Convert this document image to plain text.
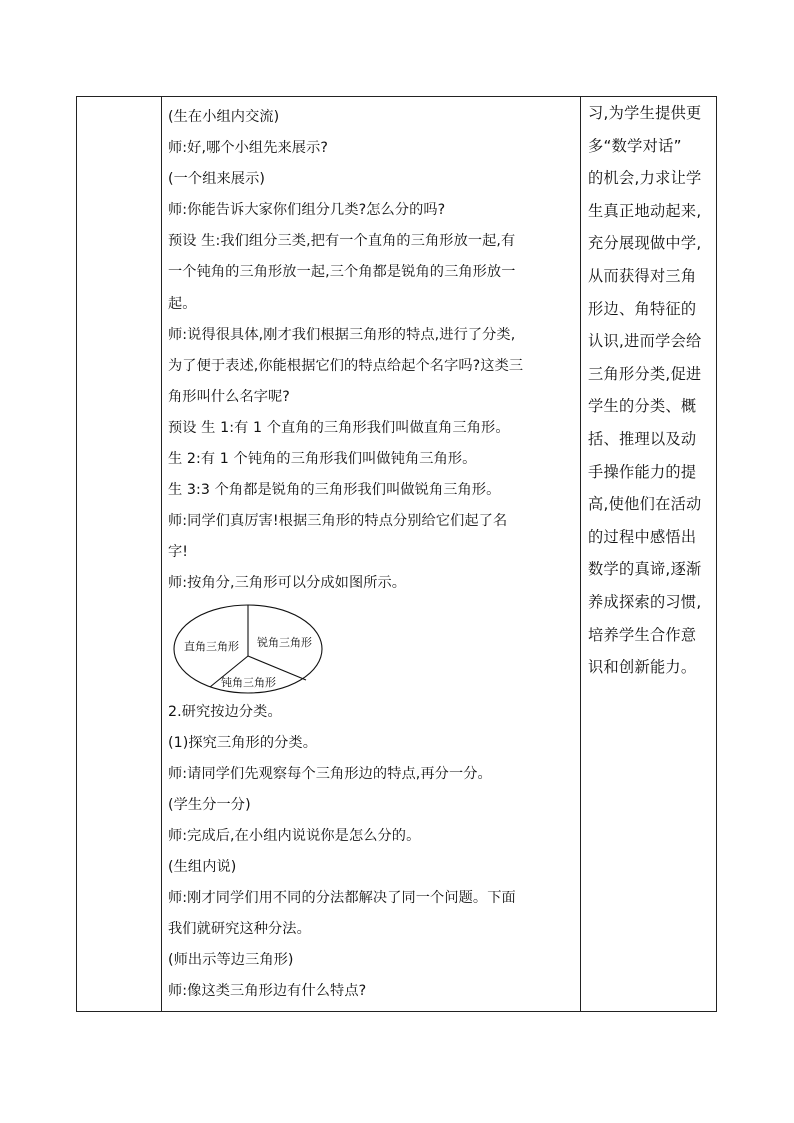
(生在小组内交流)
师:好,哪个小组先来展示?
(一个组来展示)
师:你能告诉大家你们组分几类?怎么分的吗?
预设 生:我们组分三类,把有一个直角的三角形放一起,有
一个钝角的三角形放一起,三个角都是锐角的三角形放一
起。
师:说得很具体,刚才我们根据三角形的特点,进行了分类,
为了便于表述,你能根据它们的特点给起个名字吗?这类三
角形叫什么名字呢?
预设 生 1:有 1 个直角的三角形我们叫做直角三角形。
生 2:有 1 个钝角的三角形我们叫做钝角三角形。
生 3:3 个角都是锐角的三角形我们叫做锐角三角形。
师:同学们真厉害!根据三角形的特点分别给它们起了名
字!
师:按角分,三角形可以分成如图所示。
直角三角形 锐角三角形
钝角三角形
2.研究按边分类。
(1)探究三角形的分类。
师:请同学们先观察每个三角形边的特点,再分一分。
(学生分一分)
师:完成后,在小组内说说你是怎么分的。
(生组内说)
师:刚才同学们用不同的分法都解决了同一个问题。下面
我们就研究这种分法。
(师出示等边三角形)
师:像这类三角形边有什么特点?
习,为学生提供更
多“数学对话”
的机会,力求让学
生真正地动起来,
充分展现做中学,
从而获得对三角
形边、角特征的
认识,进而学会给
三角形分类,促进
学生的分类、概
括、推理以及动
手操作能力的提
高,使他们在活动
的过程中感悟出
数学的真谛,逐渐
养成探索的习惯,
培养学生合作意
识和创新能力。
